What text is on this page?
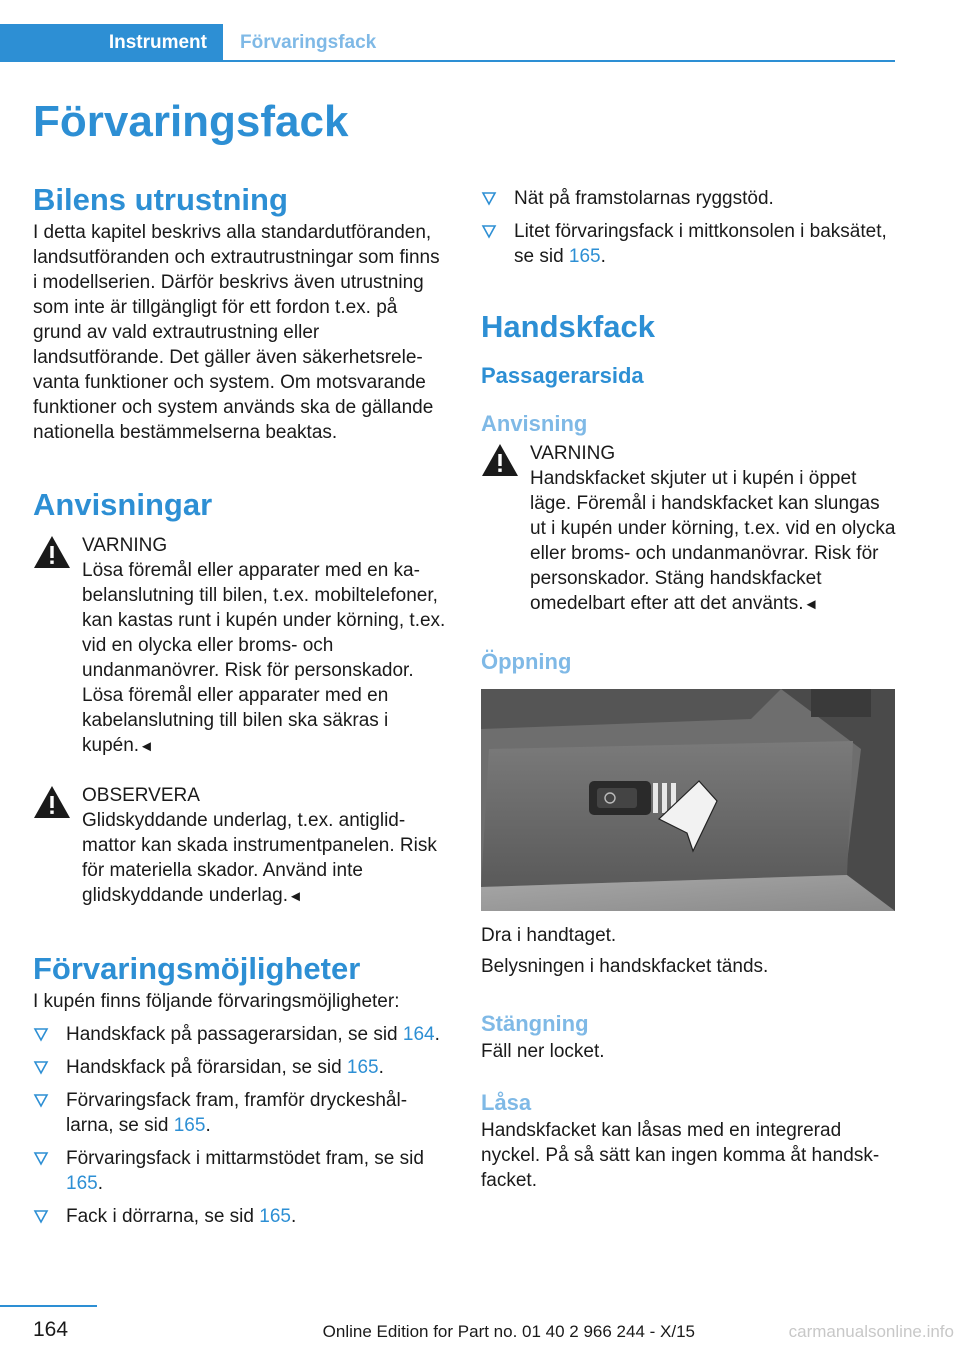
Instrument Förvaringsfack
Förvaringsfack
Bilens utrustning

I detta kapitel beskrivs alla standardutföranden, landsutföranden och extrautrustningar som finns i modellserien. Därför beskrivs även utrustning som inte är tillgängligt för ett fordon t.ex. på grund av vald extrautrustning eller landsutförande. Det gäller även säkerhetsrelevanta funktioner och system. Om motsvarande funktioner och system används ska de gällande nationella bestämmelserna beaktas.

Anvisningar
VARNING

Lösa föremål eller apparater med en kabelanslutning till bilen, t.ex. mobiltelefoner, kan kastas runt i kupén under körning, t.ex. vid en olycka eller broms- och undanmanövrer. Risk för personskador. Lösa föremål eller apparater med en kabelanslutning till bilen ska säkras i kupén.◄

OBSERVERA

Glidskyddande underlag, t.ex. antiglidmattor kan skada instrumentpanelen. Risk för materiella skador. Använd inte glidskyddande underlag.◄

Förvaringsmöjligheter

I kupén finns följande förvaringsmöjligheter:

Handskfack på passagerarsidan, se sid 164.
Handskfack på förarsidan, se sid 165.
Förvaringsfack fram, framför dryckeshållarna, se sid 165.
Förvaringsfack i mittarmstödet fram, se sid 165.
Fack i dörrarna, se sid 165.
Nät på framstolarnas ryggstöd.
Litet förvaringsfack i mittkonsolen i baksätet, se sid 165.
Handskfack
Passagerarsida
Anvisning
VARNING

Handskfacket skjuter ut i kupén i öppet läge. Föremål i handskfacket kan slungas ut i kupén under körning, t.ex. vid en olycka eller broms- och undanmanövrar. Risk för personskador. Stäng handskfacket omedelbart efter att det använts.◄

Öppning

Dra i handtaget.

Belysningen i handskfacket tänds.

Stängning

Fäll ner locket.

Låsa

Handskfacket kan låsas med en integrerad nyckel. På så sätt kan ingen komma åt handskfacket.

164	Online Edition for Part no. 01 40 2 966 244 - X/15	carmanualsonline.info
